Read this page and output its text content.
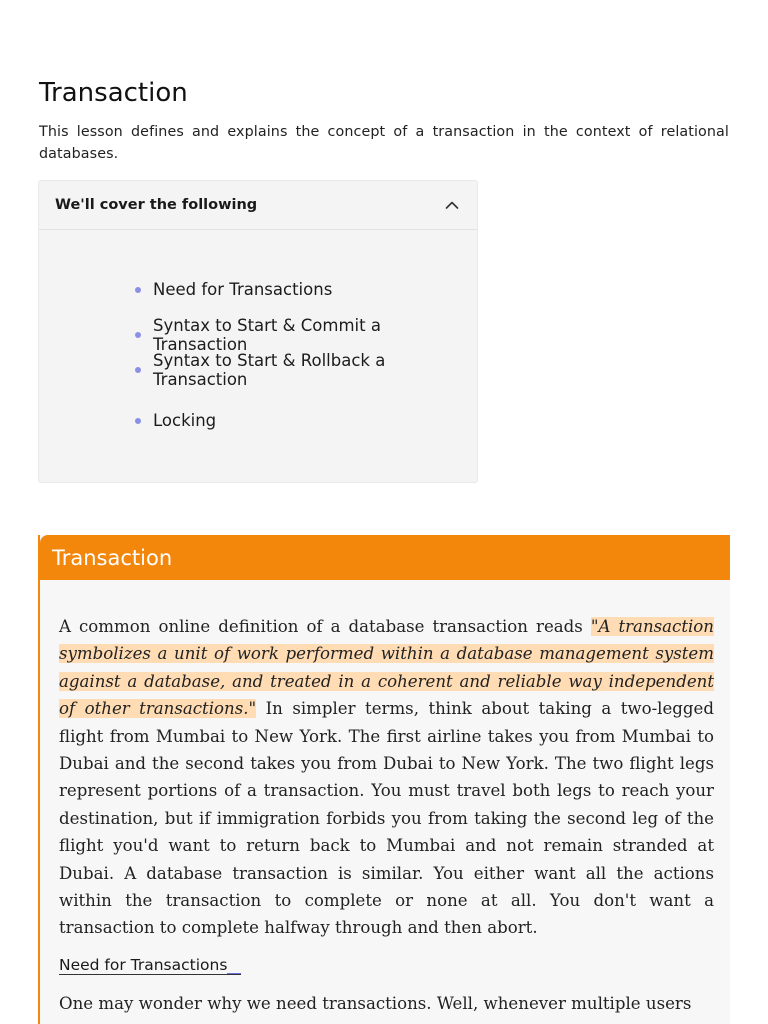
Transaction

This lesson defines and explains the concept of a transaction in the context of relational databases.

We'll cover the following
Need for Transactions
Syntax to Start & Commit a Transaction
Syntax to Start & Rollback a Transaction
Locking
Transaction

A common online definition of a database transaction reads "A transaction symbolizes a unit of work performed within a database management system against a database, and treated in a coherent and reliable way independent of other transactions." In simpler terms, think about taking a two-legged flight from Mumbai to New York. The first airline takes you from Mumbai to Dubai and the second takes you from Dubai to New York. The two flight legs represent portions of a transaction. You must travel both legs to reach your destination, but if immigration forbids you from taking the second leg of the flight you'd want to return back to Mumbai and not remain stranded at Dubai. A database transaction is similar. You either want all the actions within the transaction to complete or none at all. You don't want a transaction to complete halfway through and then abort.

Need for Transactions

One may wonder why we need transactions. Well, whenever multiple users
